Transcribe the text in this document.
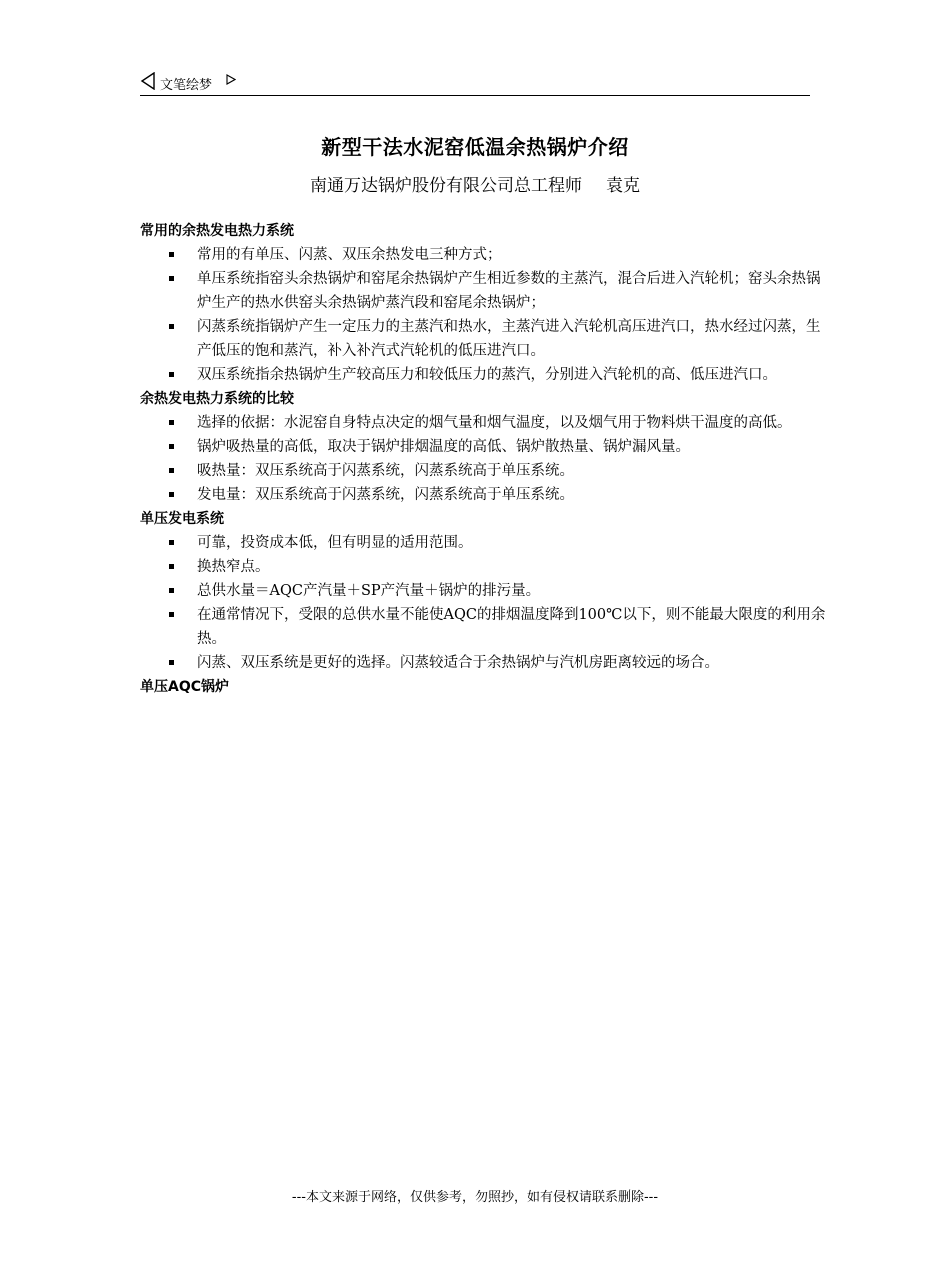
文笔绘梦
新型干法水泥窑低温余热锅炉介绍
南通万达锅炉股份有限公司总工程师 袁克
常用的余热发电热力系统
常用的有单压、闪蒸、双压余热发电三种方式；
单压系统指窑头余热锅炉和窑尾余热锅炉产生相近参数的主蒸汽，混合后进入汽轮机；窑头余热锅炉生产的热水供窑头余热锅炉蒸汽段和窑尾余热锅炉；
闪蒸系统指锅炉产生一定压力的主蒸汽和热水，主蒸汽进入汽轮机高压进汽口，热水经过闪蒸，生产低压的饱和蒸汽，补入补汽式汽轮机的低压进汽口。
双压系统指余热锅炉生产较高压力和较低压力的蒸汽，分别进入汽轮机的高、低压进汽口。
余热发电热力系统的比较
选择的依据：水泥窑自身特点决定的烟气量和烟气温度，以及烟气用于物料烘干温度的高低。
锅炉吸热量的高低，取决于锅炉排烟温度的高低、锅炉散热量、锅炉漏风量。
吸热量：双压系统高于闪蒸系统，闪蒸系统高于单压系统。
发电量：双压系统高于闪蒸系统，闪蒸系统高于单压系统。
单压发电系统
可靠，投资成本低，但有明显的适用范围。
换热窄点。
总供水量＝AQC产汽量＋SP产汽量＋锅炉的排污量。
在通常情况下，受限的总供水量不能使AQC的排烟温度降到100℃以下，则不能最大限度的利用余热。
闪蒸、双压系统是更好的选择。闪蒸较适合于余热锅炉与汽机房距离较远的场合。
单压AQC锅炉
---本文来源于网络，仅供参考，勿照抄，如有侵权请联系删除---
